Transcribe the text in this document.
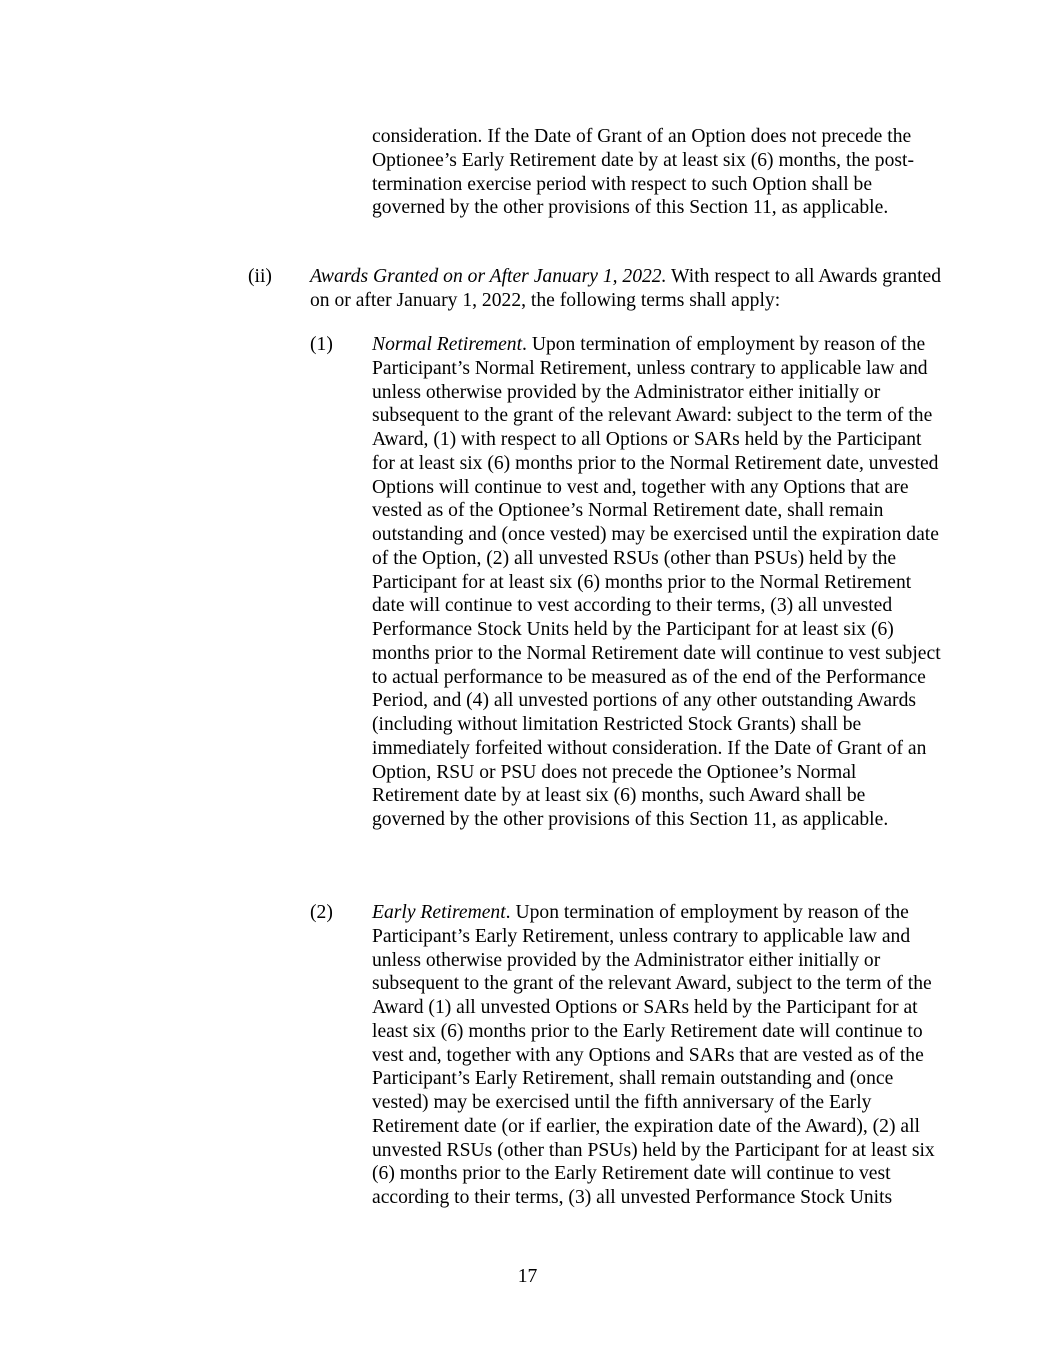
consideration. If the Date of Grant of an Option does not precede the Optionee’s Early Retirement date by at least six (6) months, the post-termination exercise period with respect to such Option shall be governed by the other provisions of this Section 11, as applicable.

(ii) Awards Granted on or After January 1, 2022. With respect to all Awards granted on or after January 1, 2022, the following terms shall apply:

(1) Normal Retirement. Upon termination of employment by reason of the Participant’s Normal Retirement, unless contrary to applicable law and unless otherwise provided by the Administrator either initially or subsequent to the grant of the relevant Award: subject to the term of the Award, (1) with respect to all Options or SARs held by the Participant for at least six (6) months prior to the Normal Retirement date, unvested Options will continue to vest and, together with any Options that are vested as of the Optionee’s Normal Retirement date, shall remain outstanding and (once vested) may be exercised until the expiration date of the Option, (2) all unvested RSUs (other than PSUs) held by the Participant for at least six (6) months prior to the Normal Retirement date will continue to vest according to their terms, (3) all unvested Performance Stock Units held by the Participant for at least six (6) months prior to the Normal Retirement date will continue to vest subject to actual performance to be measured as of the end of the Performance Period, and (4) all unvested portions of any other outstanding Awards (including without limitation Restricted Stock Grants) shall be immediately forfeited without consideration. If the Date of Grant of an Option, RSU or PSU does not precede the Optionee’s Normal Retirement date by at least six (6) months, such Award shall be governed by the other provisions of this Section 11, as applicable.

(2) Early Retirement. Upon termination of employment by reason of the Participant’s Early Retirement, unless contrary to applicable law and unless otherwise provided by the Administrator either initially or subsequent to the grant of the relevant Award, subject to the term of the Award (1) all unvested Options or SARs held by the Participant for at least six (6) months prior to the Early Retirement date will continue to vest and, together with any Options and SARs that are vested as of the Participant’s Early Retirement, shall remain outstanding and (once vested) may be exercised until the fifth anniversary of the Early Retirement date (or if earlier, the expiration date of the Award), (2) all unvested RSUs (other than PSUs) held by the Participant for at least six (6) months prior to the Early Retirement date will continue to vest according to their terms, (3) all unvested Performance Stock Units

17
